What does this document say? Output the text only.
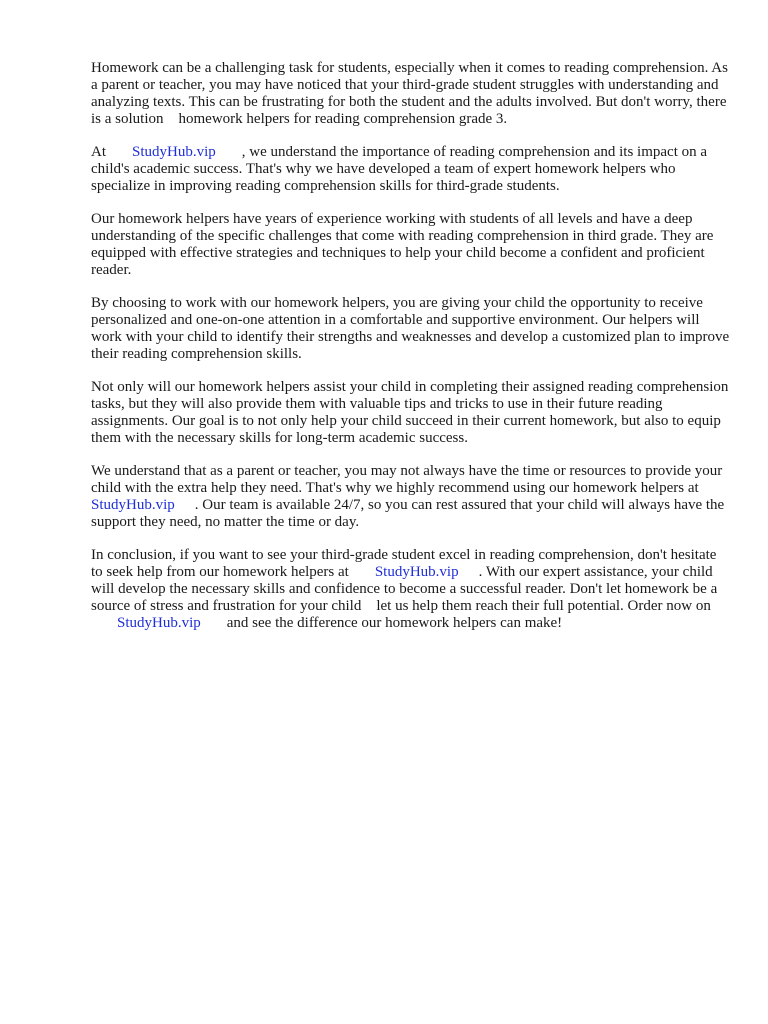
Homework can be a challenging task for students, especially when it comes to reading comprehension. As a parent or teacher, you may have noticed that your third-grade student struggles with understanding and analyzing texts. This can be frustrating for both the student and the adults involved. But don't worry, there is a solution    homework helpers for reading comprehension grade 3.

At StudyHub.vip , we understand the importance of reading comprehension and its impact on a child's academic success. That's why we have developed a team of expert homework helpers who specialize in improving reading comprehension skills for third-grade students.

Our homework helpers have years of experience working with students of all levels and have a deep understanding of the specific challenges that come with reading comprehension in third grade. They are equipped with effective strategies and techniques to help your child become a confident and proficient reader.

By choosing to work with our homework helpers, you are giving your child the opportunity to receive personalized and one-on-one attention in a comfortable and supportive environment. Our helpers will work with your child to identify their strengths and weaknesses and develop a customized plan to improve their reading comprehension skills.

Not only will our homework helpers assist your child in completing their assigned reading comprehension tasks, but they will also provide them with valuable tips and tricks to use in their future reading assignments. Our goal is to not only help your child succeed in their current homework, but also to equip them with the necessary skills for long-term academic success.

We understand that as a parent or teacher, you may not always have the time or resources to provide your child with the extra help they need. That's why we highly recommend using our homework helpers atStudyHub.vip . Our team is available 24/7, so you can rest assured that your child will always have the support they need, no matter the time or day.

In conclusion, if you want to see your third-grade student excel in reading comprehension, don't hesitate to seek help from our homework helpers at StudyHub.vip . With our expert assistance, your child will develop the necessary skills and confidence to become a successful reader. Don't let homework be a source of stress and frustration for your child    let us help them reach their full potential. Order now onStudyHub.vip and see the difference our homework helpers can make!
